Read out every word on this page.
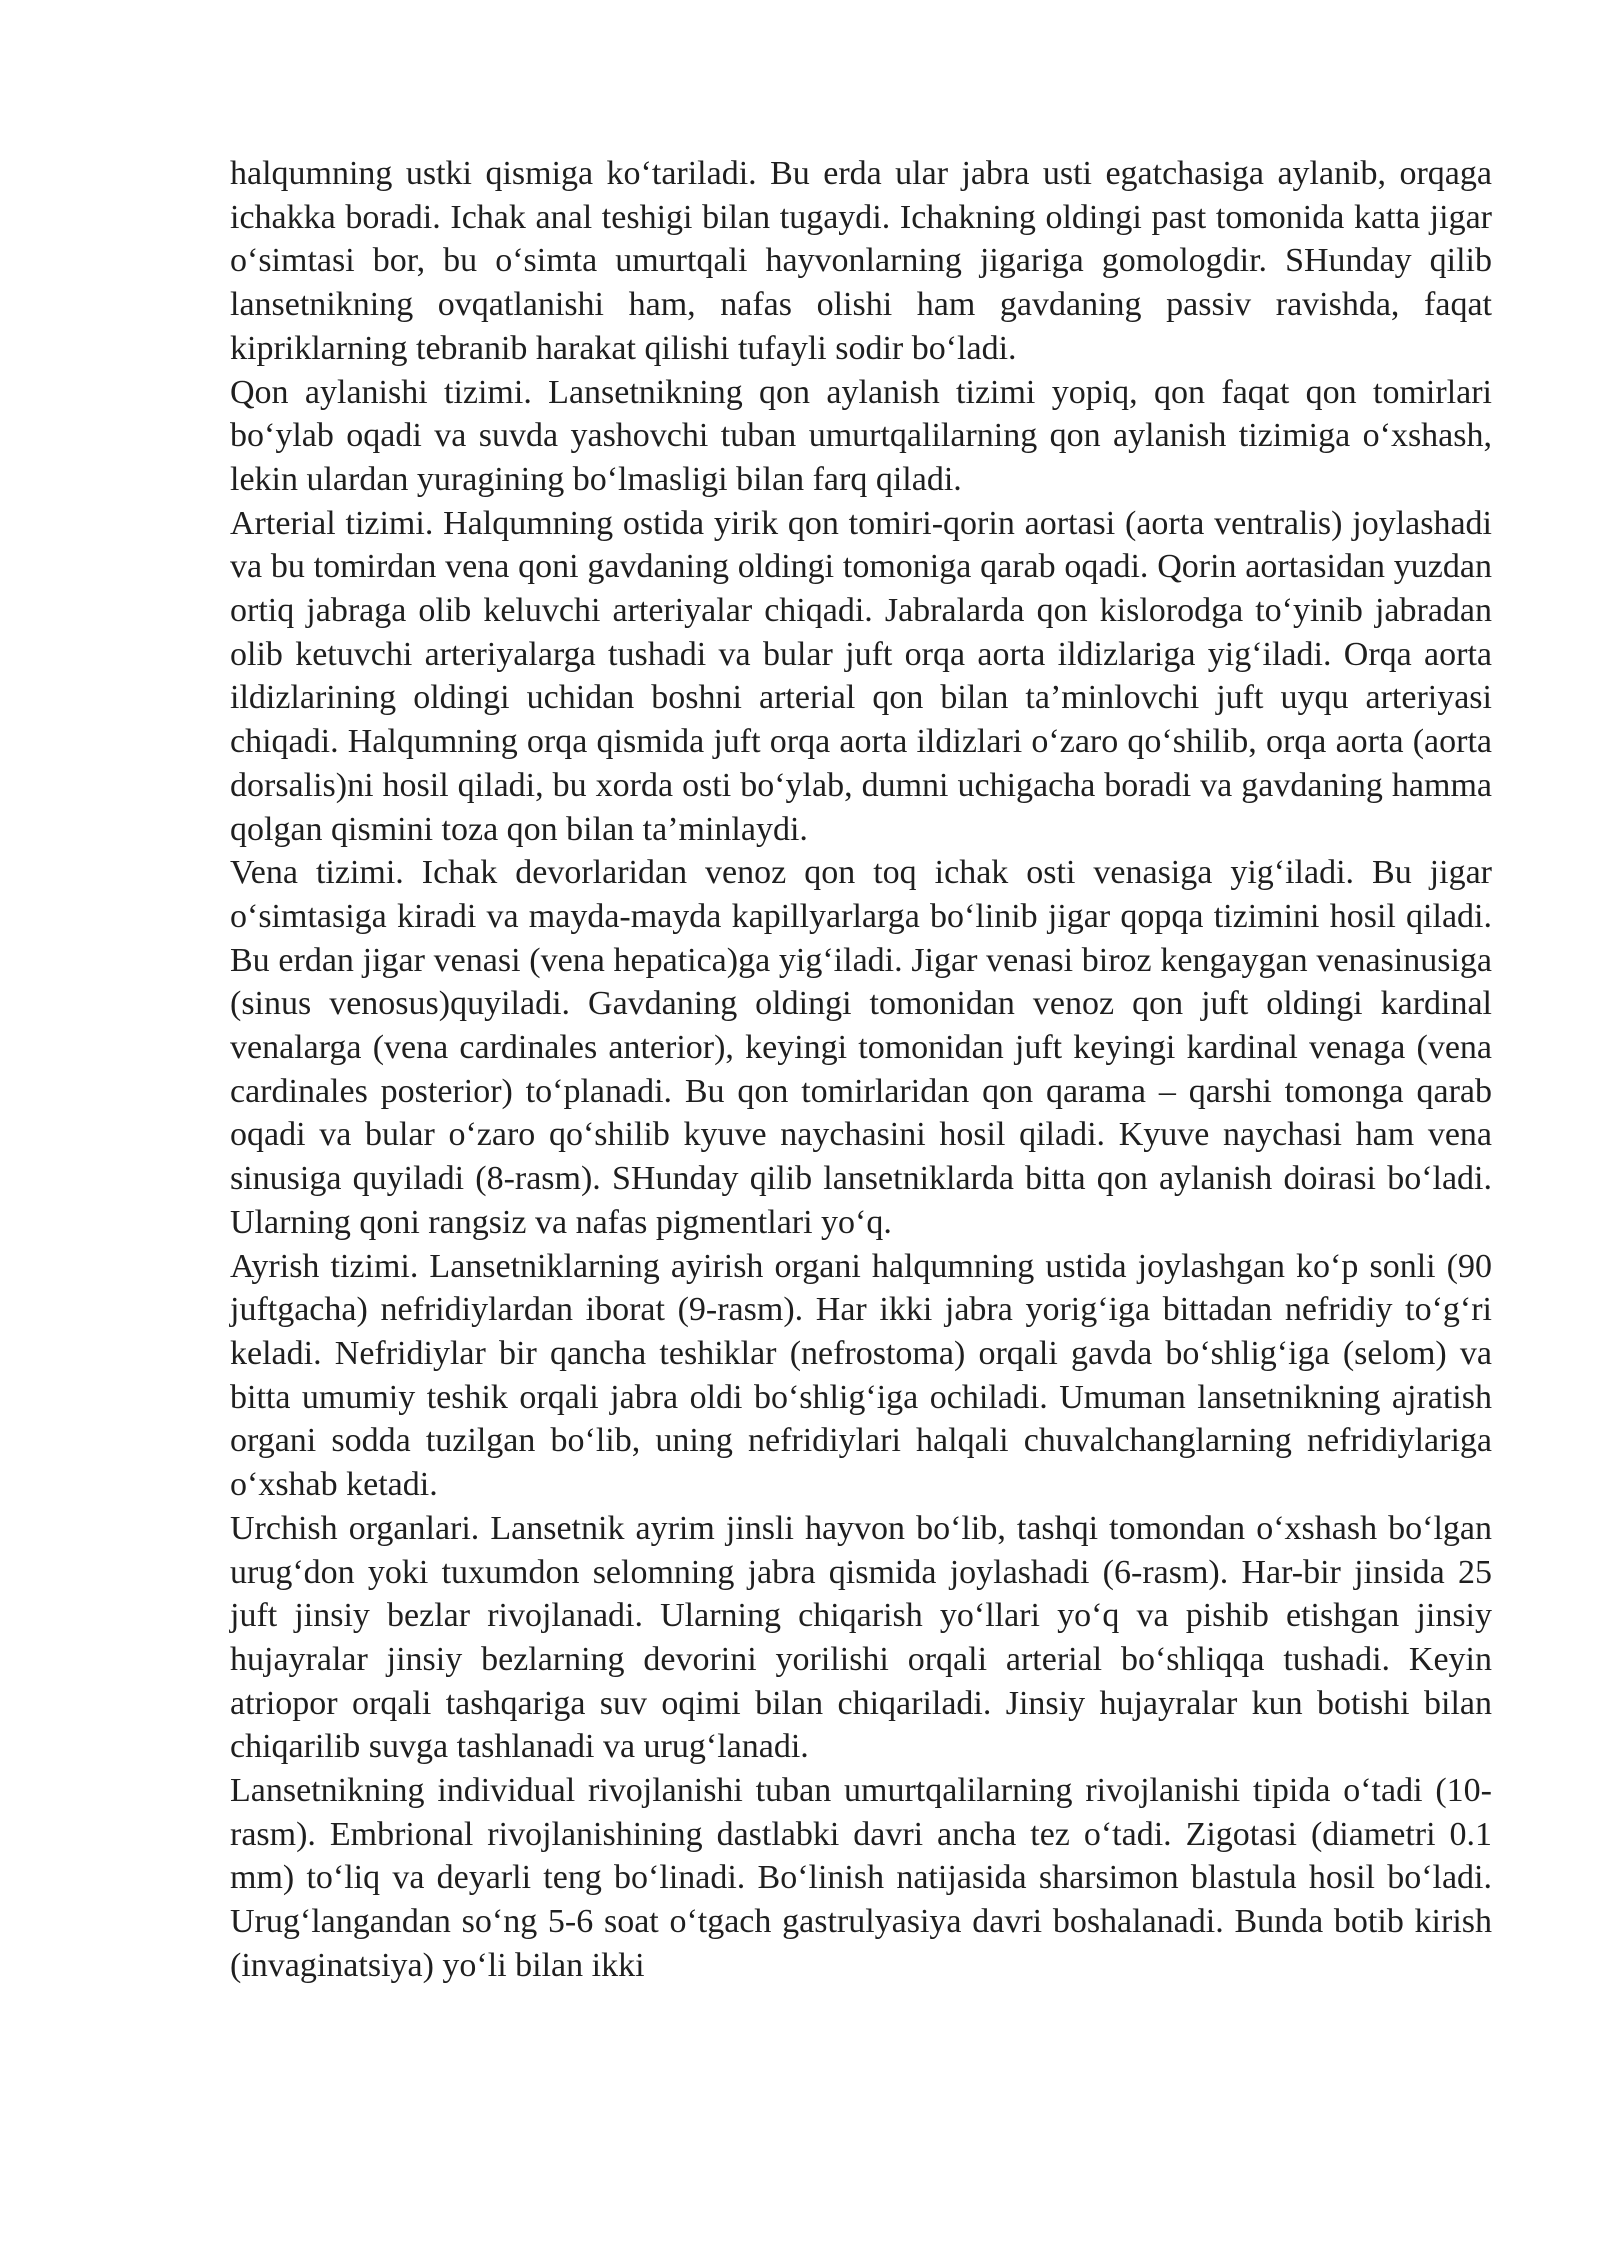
halqumning ustki qismiga ko‘tariladi. Bu erda ular jabra usti egatchasiga aylanib, orqaga ichakka boradi. Ichak anal teshigi bilan tugaydi. Ichakning oldingi past tomonida katta jigar o‘simtasi bor, bu o‘simta umurtqali hayvonlarning jigariga gomologdir. SHunday qilib lansetnikning ovqatlanishi ham, nafas olishi ham gavdaning passiv ravishda, faqat kipriklarning tebranib harakat qilishi tufayli sodir bo‘ladi.

Qon aylanishi tizimi. Lansetnikning qon aylanish tizimi yopiq, qon faqat qon tomirlari bo‘ylab oqadi va suvda yashovchi tuban umurtqalilarning qon aylanish tizimiga o‘xshash, lekin ulardan yuragining bo‘lmasligi bilan farq qiladi.

Arterial tizimi. Halqumning ostida yirik qon tomiri-qorin aortasi (aorta ventralis) joylashadi va bu tomirdan vena qoni gavdaning oldingi tomoniga qarab oqadi. Qorin aortasidan yuzdan ortiq jabraga olib keluvchi arteriyalar chiqadi. Jabralarda qon kislorodga to‘yinib jabradan olib ketuvchi arteriyalarga tushadi va bular juft orqa aorta ildizlariga yig‘iladi. Orqa aorta ildizlarining oldingi uchidan boshni arterial qon bilan ta’minlovchi juft uyqu arteriyasi chiqadi. Halqumning orqa qismida juft orqa aorta ildizlari o‘zaro qo‘shilib, orqa aorta (aorta dorsalis)ni hosil qiladi, bu xorda osti bo‘ylab, dumni uchigacha boradi va gavdaning hamma qolgan qismini toza qon bilan ta’minlaydi.

Vena tizimi. Ichak devorlaridan venoz qon toq ichak osti venasiga yig‘iladi. Bu jigar o‘simtasiga kiradi va mayda-mayda kapillyarlarga bo‘linib jigar qopqa tizimini hosil qiladi. Bu erdan jigar venasi (vena hepatica)ga yig‘iladi. Jigar venasi biroz kengaygan venasinusiga (sinus venosus)quyiladi. Gavdaning oldingi tomonidan venoz qon juft oldingi kardinal venalarga (vena cardinales anterior), keyingi tomonidan juft keyingi kardinal venaga (vena cardinales posterior) to‘planadi. Bu qon tomirlaridan qon qarama – qarshi tomonga qarab oqadi va bular o‘zaro qo‘shilib kyuve naychasini hosil qiladi. Kyuve naychasi ham vena sinusiga quyiladi (8-rasm). SHunday qilib lansetniklarda bitta qon aylanish doirasi bo‘ladi. Ularning qoni rangsiz va nafas pigmentlari yo‘q.

Ayrish tizimi. Lansetniklarning ayirish organi halqumning ustida joylashgan ko‘p sonli (90 juftgacha) nefridiylardan iborat (9-rasm). Har ikki jabra yorig‘iga bittadan nefridiy to‘g‘ri keladi. Nefridiylar bir qancha teshiklar (nefrostoma) orqali gavda bo‘shlig‘iga (selom) va bitta umumiy teshik orqali jabra oldi bo‘shlig‘iga ochiladi. Umuman lansetnikning ajratish organi sodda tuzilgan bo‘lib, uning nefridiylari halqali chuvalchanglarning nefridiylariga o‘xshab ketadi.

Urchish organlari. Lansetnik ayrim jinsli hayvon bo‘lib, tashqi tomondan o‘xshash bo‘lgan urug‘don yoki tuxumdon selomning jabra qismida joylashadi (6-rasm). Har-bir jinsida 25 juft jinsiy bezlar rivojlanadi. Ularning chiqarish yo‘llari yo‘q va pishib etishgan jinsiy hujayralar jinsiy bezlarning devorini yorilishi orqali arterial bo‘shliqqa tushadi. Keyin atriopor orqali tashqariga suv oqimi bilan chiqariladi. Jinsiy hujayralar kun botishi bilan chiqarilib suvga tashlanadi va urug‘lanadi.

Lansetnikning individual rivojlanishi tuban umurtqalilarning rivojlanishi tipida o‘tadi (10-rasm). Embrional rivojlanishining dastlabki davri ancha tez o‘tadi. Zigotasi (diametri 0.1 mm) to‘liq va deyarli teng bo‘linadi. Bo‘linish natijasida sharsimon blastula hosil bo‘ladi. Urug‘langandan so‘ng 5-6 soat o‘tgach gastrulyasiya davri boshalanadi. Bunda botib kirish (invaginatsiya) yo‘li bilan ikki
